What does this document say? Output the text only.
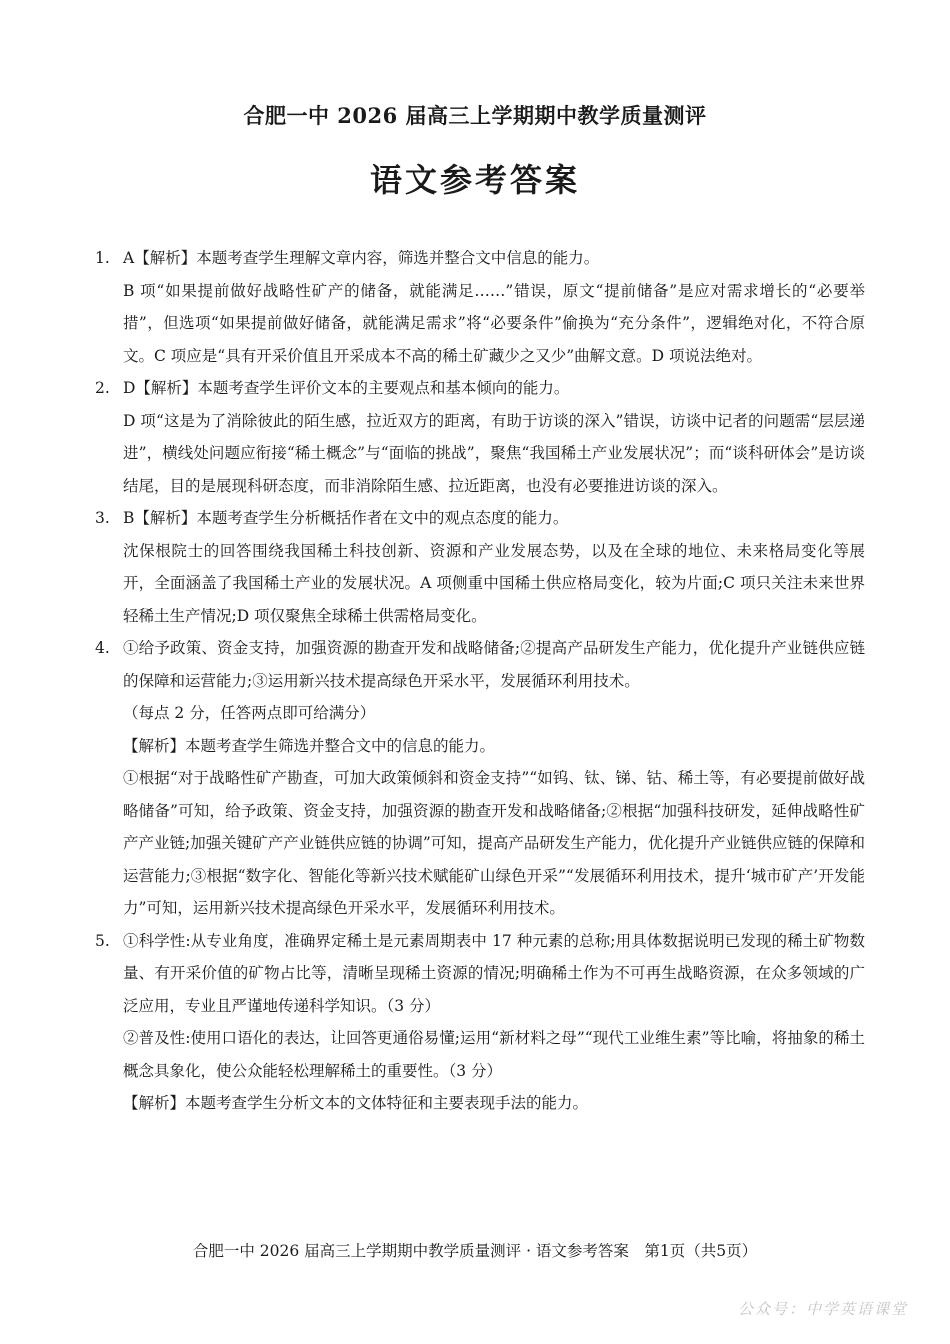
合肥一中 2026 届高三上学期期中教学质量测评
语文参考答案
1. A【解析】本题考查学生理解文章内容，筛选并整合文中信息的能力。

B 项“如果提前做好战略性矿产的储备，就能满足……”错误，原文“提前储备”是应对需求增长的“必要举措”，但选项“如果提前做好储备，就能满足需求”将“必要条件”偷换为“充分条件”，逻辑绝对化，不符合原文。C 项应是“具有开采价值且开采成本不高的稀土矿藏少之又少”曲解文意。D 项说法绝对。

2. D【解析】本题考查学生评价文本的主要观点和基本倾向的能力。

D 项“这是为了消除彼此的陌生感，拉近双方的距离，有助于访谈的深入”错误，访谈中记者的问题需“层层递进”，横线处问题应衔接“稀土概念”与“面临的挑战”，聚焦“我国稀土产业发展状况”；而“谈科研体会”是访谈结尾，目的是展现科研态度，而非消除陌生感、拉近距离，也没有必要推进访谈的深入。

3. B【解析】本题考查学生分析概括作者在文中的观点态度的能力。

沈保根院士的回答围绕我国稀土科技创新、资源和产业发展态势，以及在全球的地位、未来格局变化等展开，全面涵盖了我国稀土产业的发展状况。A 项侧重中国稀土供应格局变化，较为片面;C 项只关注未来世界轻稀土生产情况;D 项仅聚焦全球稀土供需格局变化。

4. ①给予政策、资金支持，加强资源的勘查开发和战略储备;②提高产品研发生产能力，优化提升产业链供应链的保障和运营能力;③运用新兴技术提高绿色开采水平，发展循环利用技术。

（每点 2 分，任答两点即可给满分）

【解析】本题考查学生筛选并整合文中的信息的能力。

①根据“对于战略性矿产勘查，可加大政策倾斜和资金支持”“如钨、钛、锑、钴、稀土等，有必要提前做好战略储备”可知，给予政策、资金支持，加强资源的勘查开发和战略储备;②根据“加强科技研发，延伸战略性矿产产业链;加强关键矿产产业链供应链的协调”可知，提高产品研发生产能力，优化提升产业链供应链的保障和运营能力;③根据“数字化、智能化等新兴技术赋能矿山绿色开采”“发展循环利用技术，提升‘城市矿产’开发能力”可知，运用新兴技术提高绿色开采水平，发展循环利用技术。

5. ①科学性:从专业角度，准确界定稀土是元素周期表中 17 种元素的总称;用具体数据说明已发现的稀土矿物数量、有开采价值的矿物占比等，清晰呈现稀土资源的情况;明确稀土作为不可再生战略资源，在众多领域的广泛应用，专业且严谨地传递科学知识。（3 分）

②普及性:使用口语化的表达，让回答更通俗易懂;运用“新材料之母”“现代工业维生素”等比喻，将抽象的稀土概念具象化，使公众能轻松理解稀土的重要性。（3 分）

【解析】本题考查学生分析文本的文体特征和主要表现手法的能力。

合肥一中 2026 届高三上学期期中教学质量测评 · 语文参考答案　第1页（共5页）
公众号：中学英语课堂
